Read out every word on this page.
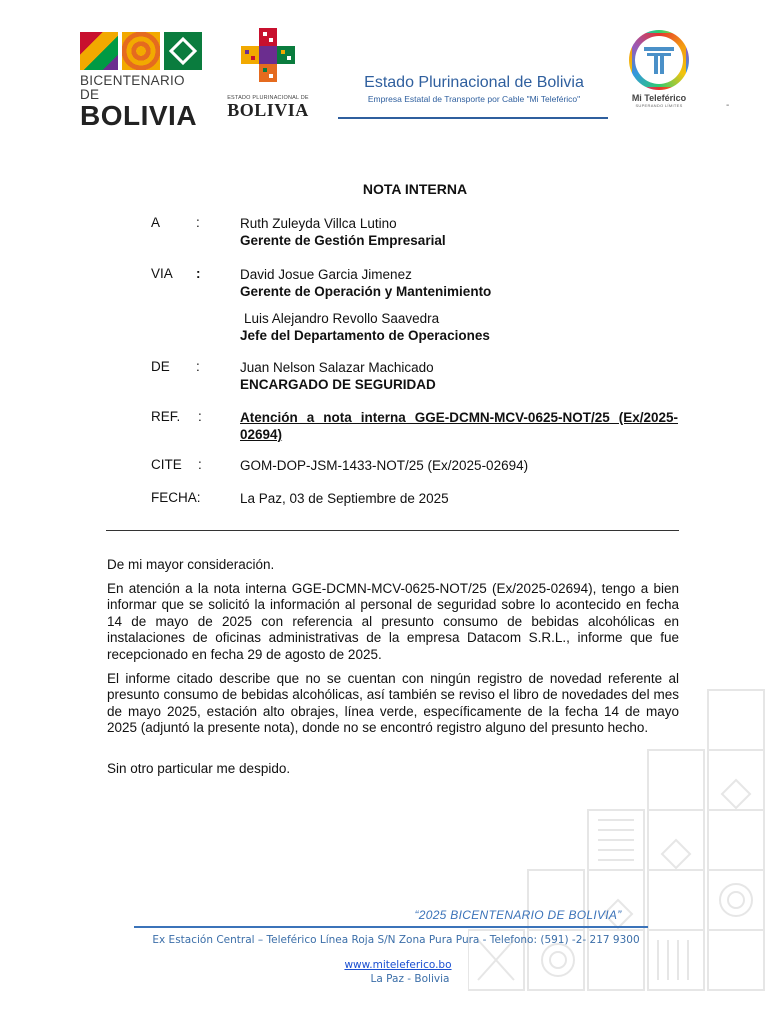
BICENTENARIO DE
BOLIVIA
ESTADO PLURINACIONAL DE
BOLIVIA
Estado Plurinacional de Bolivia
Empresa Estatal de Transporte por Cable "Mi Teleférico"
-
Mi Teleférico
SUPERANDO LÍMITES
NOTA INTERNA
A	:	Ruth Zuleyda Villca Lutino
Gerente de Gestión Empresarial
VIA :	David Josue Garcia Jimenez
Gerente de Operación y Mantenimiento
Luis Alejandro Revollo Saavedra
Jefe del Departamento de Operaciones
DE :	Juan Nelson Salazar Machicado
ENCARGADO DE SEGURIDAD
REF. :	Atención a nota interna GGE-DCMN-MCV-0625-NOT/25 (Ex/2025-02694)
CITE :	GOM-DOP-JSM-1433-NOT/25 (Ex/2025-02694)
FECHA:	La Paz, 03 de Septiembre de 2025
De mi mayor consideración.
En atención a la nota interna GGE-DCMN-MCV-0625-NOT/25 (Ex/2025-02694), tengo a bien informar que se solicitó la información al personal de seguridad sobre lo acontecido en fecha 14 de mayo de 2025 con referencia al presunto consumo de bebidas alcohólicas en instalaciones de oficinas administrativas de la empresa Datacom S.R.L., informe que fue recepcionado en fecha 29 de agosto de 2025.
El informe citado describe que no se cuentan con ningún registro de novedad referente al presunto consumo de bebidas alcohólicas, así también se reviso el libro de novedades del mes de mayo 2025, estación alto obrajes, línea verde, específicamente de la fecha 14 de mayo 2025 (adjuntó la presente nota), donde no se encontró registro alguno del presunto hecho.
Sin otro particular me despido.
“2025 BICENTENARIO DE BOLIVIA”
Ex Estación Central – Teleférico Línea Roja S/N Zona Pura Pura - Telefono: (591) -2- 217 9300
www.miteleferico.bo
La Paz - Bolivia
